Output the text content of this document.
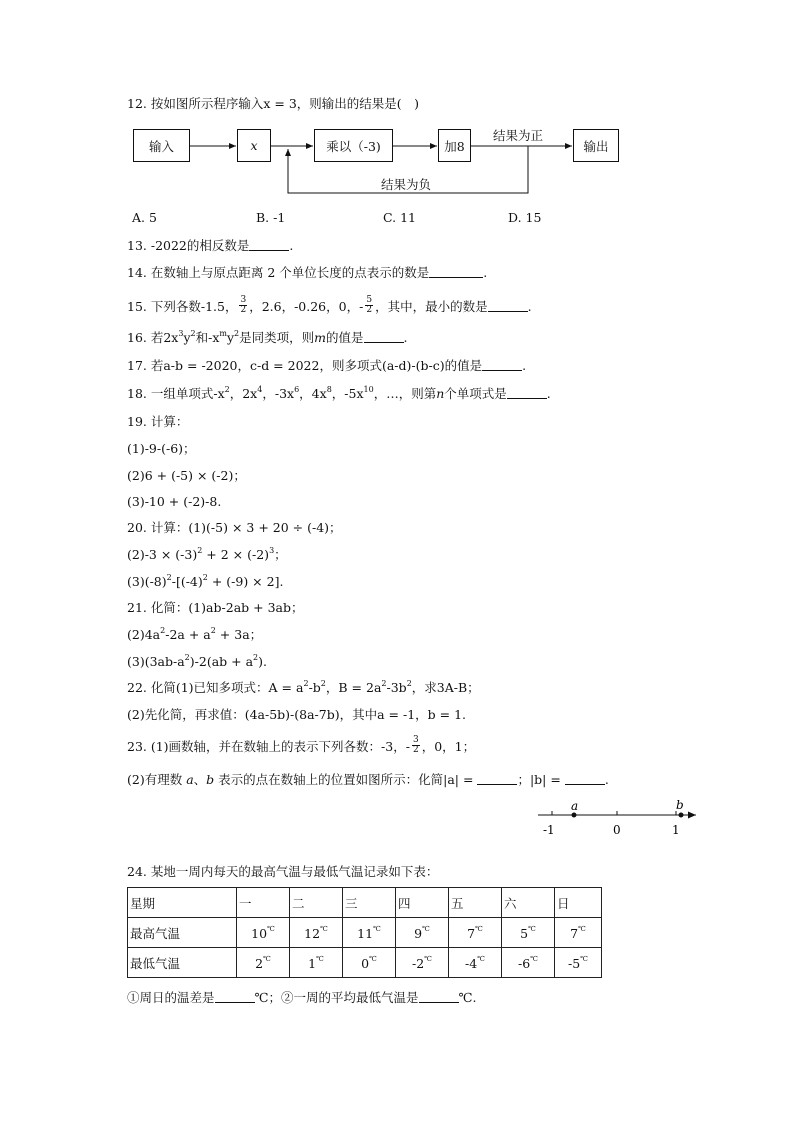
12. 按如图所示程序输入x = 3，则输出的结果是(　)
输入	x	乘以（-3)	加8	输出
结果为正
结果为负
A. 5	B. -1	C. 11	D. 15
13. -2022的相反数是	.
14. 在数轴上与原点距离 2 个单位长度的点表示的数是	.
15. 下列各数-1.5， $\frac{3}{2}$ ，2.6，-0.26，0，- $\frac{5}{2}$ ，其中，最小的数是	.
16. 若$2x^3y^2$和$-x^my^2$是同类项，则m的值是	.
17. 若a-b = -2020，c-d = 2022，则多项式(a-d)-(b-c)的值是	.
18. 一组单项式$-x^2$，$2x^4$，$-3x^6$，$4x^8$，$-5x^{10}$，…，则第n个单项式是	.
19. 计算：
(1)-9-(-6)；
(2)6 + (-5) × (-2)；
(3)-10 + (-2)-8.
20. 计算：(1)(-5) × 3 + 20 ÷ (-4)；
$(2)-3 \times (-3)^2 + 2 \times (-2)^3$；
$(3)(-8)^2-[(-4)^2 + (-9) \times 2]$.
21. 化简：(1)ab-2ab + 3ab；
$(2)4a^2-2a + a^2 + 3a$；
$(3)(3ab-a^2)-2(ab + a^2)$.
22. 化简(1)已知多项式：$A = a^2-b^2$，$B = 2a^2-3b^2$，求3A-B；
(2)先化简，再求值：(4a-5b)-(8a-7b)，其中a = -1，b = 1.
23. (1)画数轴，并在数轴上的表示下列各数：-3，- $\frac{3}{2}$ ，0，1；
(2)有理数 a、b 表示的点在数轴上的位置如图所示：化简|a| =	；|b| =	.
a	b
-1	0	1
24. 某地一周内每天的最高气温与最低气温记录如下表：
星期	一	二	三	四	五	六	日
最高气温	10℃	12℃	11℃	9℃	7℃	5℃	7℃
最低气温	2℃	1℃	0℃	-2℃	-4℃	-6℃	-5℃
①周日的温差是	℃；②一周的平均最低气温是	℃.
